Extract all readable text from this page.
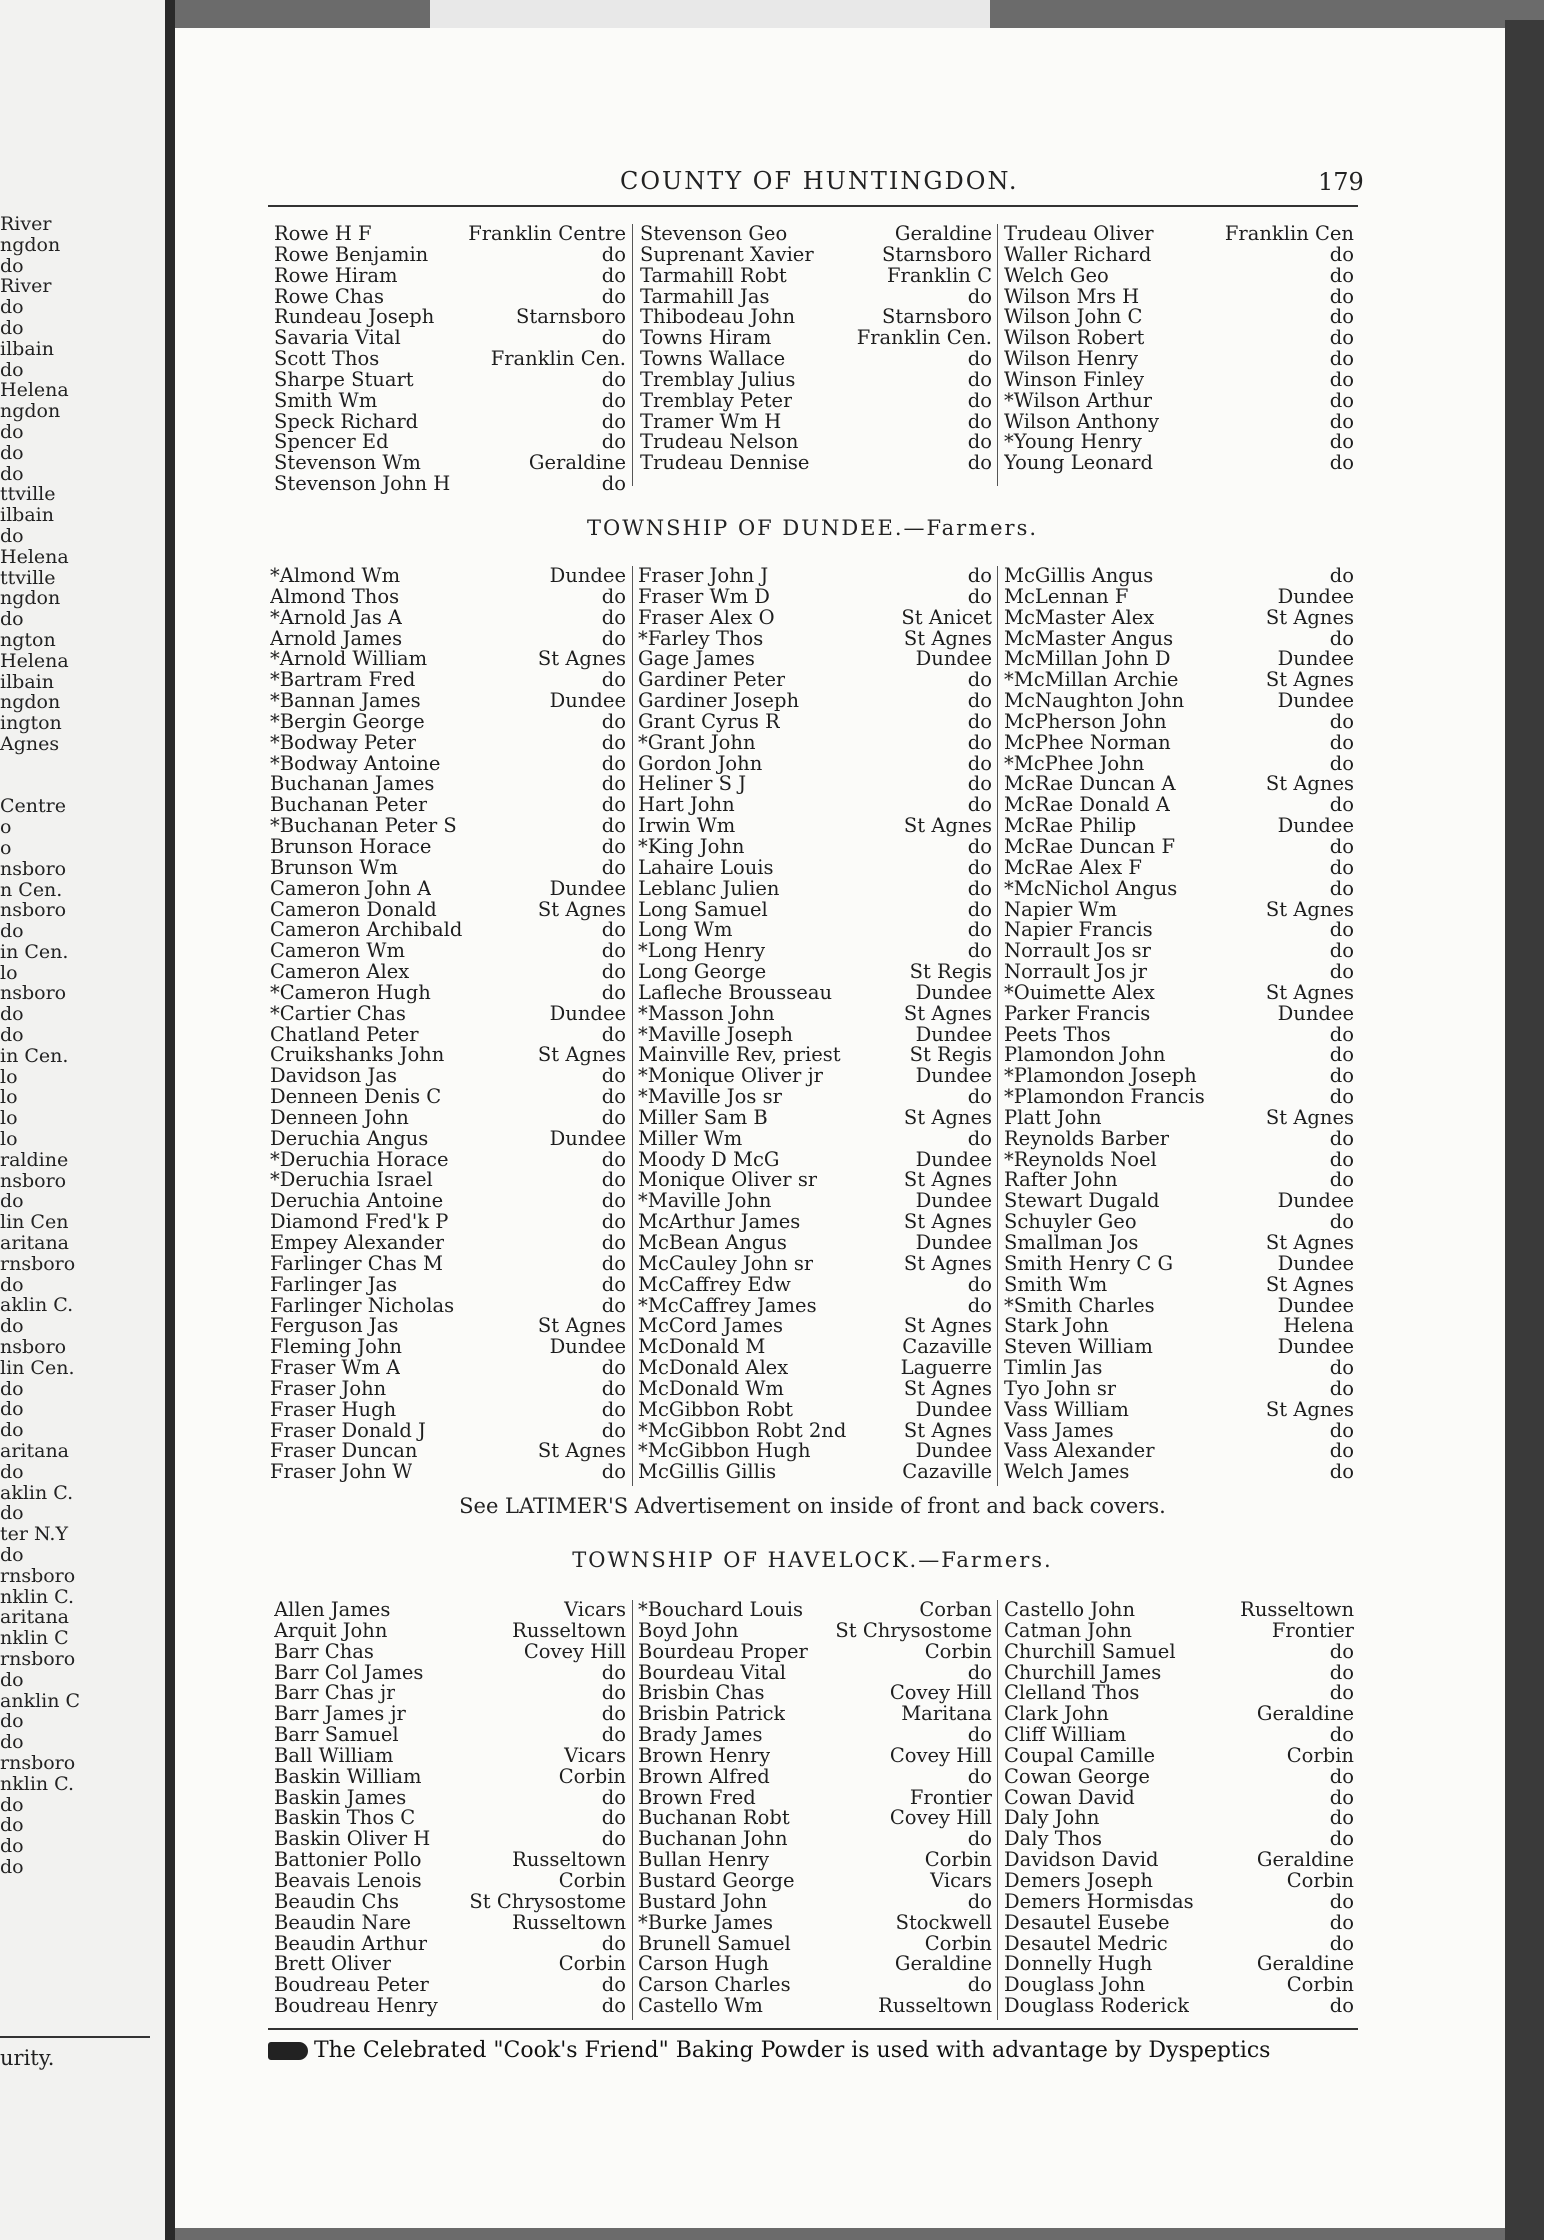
River
ngdon
do
River
do
do
ilbain
do
Helena
ngdon
do
do
do
ttville
ilbain
do
Helena
ttville
ngdon
do
ngton
Helena
ilbain
ngdon
ington
Agnes
Centre
o
o
nsboro
n Cen.
nsboro
do
in Cen.
lo
nsboro
do
do
in Cen.
lo
lo
lo
lo
raldine
nsboro
do
lin Cen
aritana
rnsboro
do
aklin C.
do
nsboro
lin Cen.
do
do
do
aritana
do
aklin C.
do
ter N.Y
do
rnsboro
nklin C.
aritana
nklin C
rnsboro
do
anklin C
do
do
rnsboro
nklin C.
do
do
do
do
urity.
COUNTY OF HUNTINGDON.	179
Rowe H F	Franklin Centre
Rowe Benjamin	do
Rowe Hiram	do
Rowe Chas	do
Rundeau Joseph	Starnsboro
Savaria Vital	do
Scott Thos	Franklin Cen.
Sharpe Stuart	do
Smith Wm	do
Speck Richard	do
Spencer Ed	do
Stevenson Wm	Geraldine
Stevenson John H	do
Stevenson Geo	Geraldine
Suprenant Xavier	Starnsboro
Tarmahill Robt	Franklin C
Tarmahill Jas	do
Thibodeau John	Starnsboro
Towns Hiram	Franklin Cen.
Towns Wallace	do
Tremblay Julius	do
Tremblay Peter	do
Tramer Wm H	do
Trudeau Nelson	do
Trudeau Dennise	do
Trudeau Oliver	Franklin Cen
Waller Richard	do
Welch Geo	do
Wilson Mrs H	do
Wilson John C	do
Wilson Robert	do
Wilson Henry	do
Winson Finley	do
*Wilson Arthur	do
Wilson Anthony	do
*Young Henry	do
Young Leonard	do
TOWNSHIP OF DUNDEE.—Farmers.
*Almond Wm	Dundee
Almond Thos	do
*Arnold Jas A	do
Arnold James	do
*Arnold William	St Agnes
*Bartram Fred	do
*Bannan James	Dundee
*Bergin George	do
*Bodway Peter	do
*Bodway Antoine	do
Buchanan James	do
Buchanan Peter	do
*Buchanan Peter S	do
Brunson Horace	do
Brunson Wm	do
Cameron John A	Dundee
Cameron Donald	St Agnes
Cameron Archibald	do
Cameron Wm	do
Cameron Alex	do
*Cameron Hugh	do
*Cartier Chas	Dundee
Chatland Peter	do
Cruikshanks John	St Agnes
Davidson Jas	do
Denneen Denis C	do
Denneen John	do
Deruchia Angus	Dundee
*Deruchia Horace	do
*Deruchia Israel	do
Deruchia Antoine	do
Diamond Fred'k P	do
Empey Alexander	do
Farlinger Chas M	do
Farlinger Jas	do
Farlinger Nicholas	do
Ferguson Jas	St Agnes
Fleming John	Dundee
Fraser Wm A	do
Fraser John	do
Fraser Hugh	do
Fraser Donald J	do
Fraser Duncan	St Agnes
Fraser John W	do
Fraser John J	do
Fraser Wm D	do
Fraser Alex O	St Anicet
*Farley Thos	St Agnes
Gage James	Dundee
Gardiner Peter	do
Gardiner Joseph	do
Grant Cyrus R	do
*Grant John	do
Gordon John	do
Heliner S J	do
Hart John	do
Irwin Wm	St Agnes
*King John	do
Lahaire Louis	do
Leblanc Julien	do
Long Samuel	do
Long Wm	do
*Long Henry	do
Long George	St Regis
Lafleche Brousseau	Dundee
*Masson John	St Agnes
*Maville Joseph	Dundee
Mainville Rev, priest	St Regis
*Monique Oliver jr	Dundee
*Maville Jos sr	do
Miller Sam B	St Agnes
Miller Wm	do
Moody D McG	Dundee
Monique Oliver sr	St Agnes
*Maville John	Dundee
McArthur James	St Agnes
McBean Angus	Dundee
McCauley John sr	St Agnes
McCaffrey Edw	do
*McCaffrey James	do
McCord James	St Agnes
McDonald M	Cazaville
McDonald Alex	Laguerre
McDonald Wm	St Agnes
McGibbon Robt	Dundee
*McGibbon Robt 2nd	St Agnes
*McGibbon Hugh	Dundee
McGillis Gillis	Cazaville
McGillis Angus	do
McLennan F	Dundee
McMaster Alex	St Agnes
McMaster Angus	do
McMillan John D	Dundee
*McMillan Archie	St Agnes
McNaughton John	Dundee
McPherson John	do
McPhee Norman	do
*McPhee John	do
McRae Duncan A	St Agnes
McRae Donald A	do
McRae Philip	Dundee
McRae Duncan F	do
McRae Alex F	do
*McNichol Angus	do
Napier Wm	St Agnes
Napier Francis	do
Norrault Jos sr	do
Norrault Jos jr	do
*Ouimette Alex	St Agnes
Parker Francis	Dundee
Peets Thos	do
Plamondon John	do
*Plamondon Joseph	do
*Plamondon Francis	do
Platt John	St Agnes
Reynolds Barber	do
*Reynolds Noel	do
Rafter John	do
Stewart Dugald	Dundee
Schuyler Geo	do
Smallman Jos	St Agnes
Smith Henry C G	Dundee
Smith Wm	St Agnes
*Smith Charles	Dundee
Stark John	Helena
Steven William	Dundee
Timlin Jas	do
Tyo John sr	do
Vass William	St Agnes
Vass James	do
Vass Alexander	do
Welch James	do
See LATIMER'S Advertisement on inside of front and back covers.
TOWNSHIP OF HAVELOCK.—Farmers.
Allen James	Vicars
Arquit John	Russeltown
Barr Chas	Covey Hill
Barr Col James	do
Barr Chas jr	do
Barr James jr	do
Barr Samuel	do
Ball William	Vicars
Baskin William	Corbin
Baskin James	do
Baskin Thos C	do
Baskin Oliver H	do
Battonier Pollo	Russeltown
Beavais Lenois	Corbin
Beaudin Chs	St Chrysostome
Beaudin Nare	Russeltown
Beaudin Arthur	do
Brett Oliver	Corbin
Boudreau Peter	do
Boudreau Henry	do
*Bouchard Louis	Corban
Boyd John	St Chrysostome
Bourdeau Proper	Corbin
Bourdeau Vital	do
Brisbin Chas	Covey Hill
Brisbin Patrick	Maritana
Brady James	do
Brown Henry	Covey Hill
Brown Alfred	do
Brown Fred	Frontier
Buchanan Robt	Covey Hill
Buchanan John	do
Bullan Henry	Corbin
Bustard George	Vicars
Bustard John	do
*Burke James	Stockwell
Brunell Samuel	Corbin
Carson Hugh	Geraldine
Carson Charles	do
Castello Wm	Russeltown
Castello John	Russeltown
Catman John	Frontier
Churchill Samuel	do
Churchill James	do
Clelland Thos	do
Clark John	Geraldine
Cliff William	do
Coupal Camille	Corbin
Cowan George	do
Cowan David	do
Daly John	do
Daly Thos	do
Davidson David	Geraldine
Demers Joseph	Corbin
Demers Hormisdas	do
Desautel Eusebe	do
Desautel Medric	do
Donnelly Hugh	Geraldine
Douglass John	Corbin
Douglass Roderick	do
The Celebrated "Cook's Friend" Baking Powder is used with advantage by Dyspeptics
